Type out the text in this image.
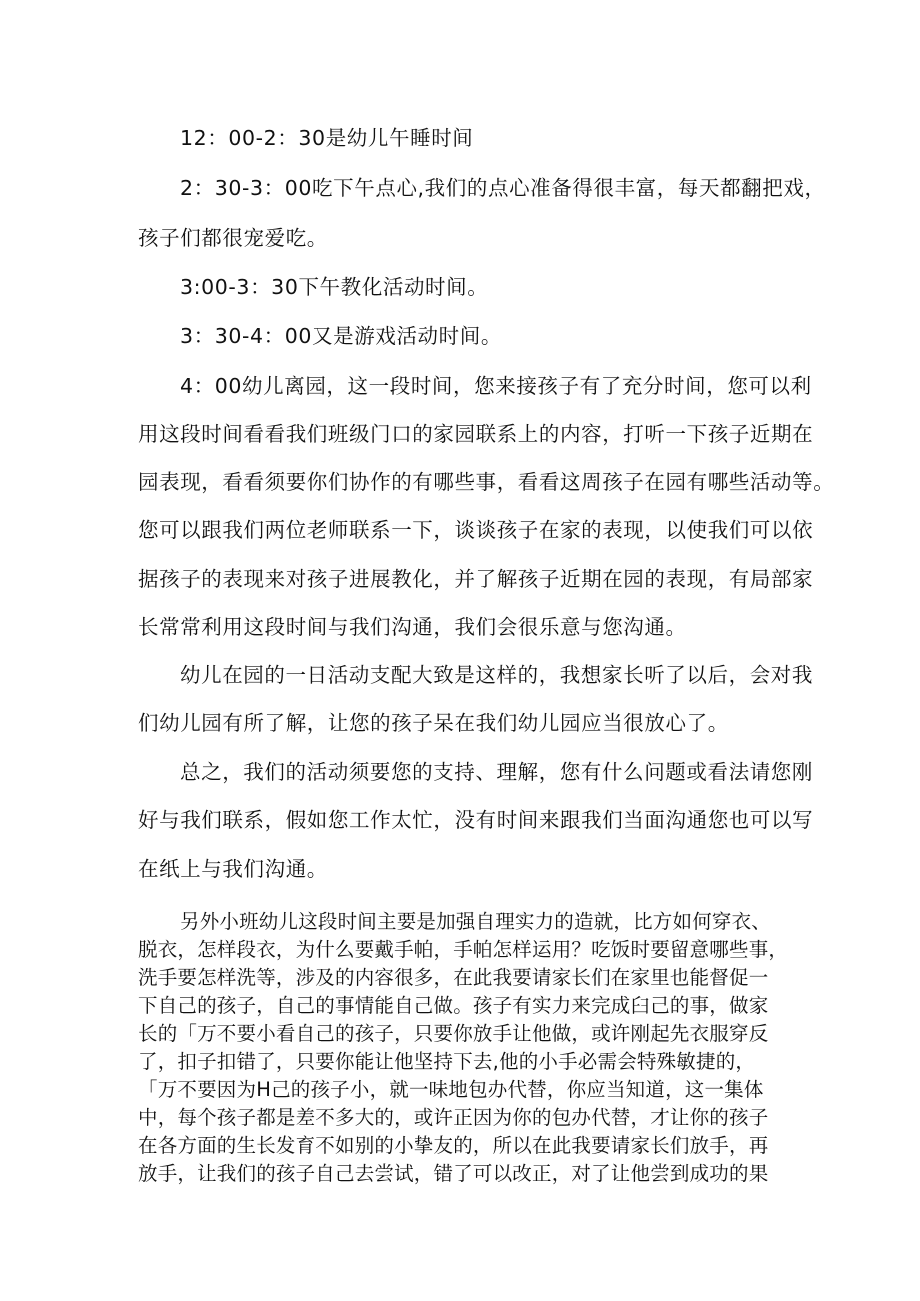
12：00-2：30是幼儿午睡时间
2：30-3：00吃下午点心,我们的点心准备得很丰富，每天都翻把戏，
孩子们都很宠爱吃。
3:00-3：30下午教化活动时间。
3：30-4：00又是游戏活动时间。
4：00幼儿离园，这一段时间，您来接孩子有了充分时间，您可以利
用这段时间看看我们班级门口的家园联系上的内容，打听一下孩子近期在
园表现，看看须要你们协作的有哪些事，看看这周孩子在园有哪些活动等。
您可以跟我们两位老师联系一下，谈谈孩子在家的表现，以使我们可以依
据孩子的表现来对孩子进展教化，并了解孩子近期在园的表现，有局部家
长常常利用这段时间与我们沟通，我们会很乐意与您沟通。
幼儿在园的一日活动支配大致是这样的，我想家长听了以后，会对我
们幼儿园有所了解，让您的孩子呆在我们幼儿园应当很放心了。
总之，我们的活动须要您的支持、理解，您有什么问题或看法请您刚
好与我们联系，假如您工作太忙，没有时间来跟我们当面沟通您也可以写
在纸上与我们沟通。
另外小班幼儿这段时间主要是加强自理实力的造就，比方如何穿衣、
脱衣，怎样段衣，为什么要戴手帕，手帕怎样运用？吃饭时要留意哪些事，
洗手要怎样洗等，涉及的内容很多，在此我要请家长们在家里也能督促一
下自己的孩子，自己的事情能自己做。孩子有实力来完成臼己的事，做家
长的「万不要小看自己的孩子，只要你放手让他做，或许刚起先衣服穿反
了，扣子扣错了，只要你能让他坚持下去,他的小手必需会特殊敏捷的，
「万不要因为H己的孩子小，就一味地包办代替，你应当知道，这一集体
中，每个孩子都是差不多大的，或许正因为你的包办代替，才让你的孩子
在各方面的生长发育不如别的小挚友的，所以在此我要请家长们放手，再
放手，让我们的孩子自己去尝试，错了可以改正，对了让他尝到成功的果
